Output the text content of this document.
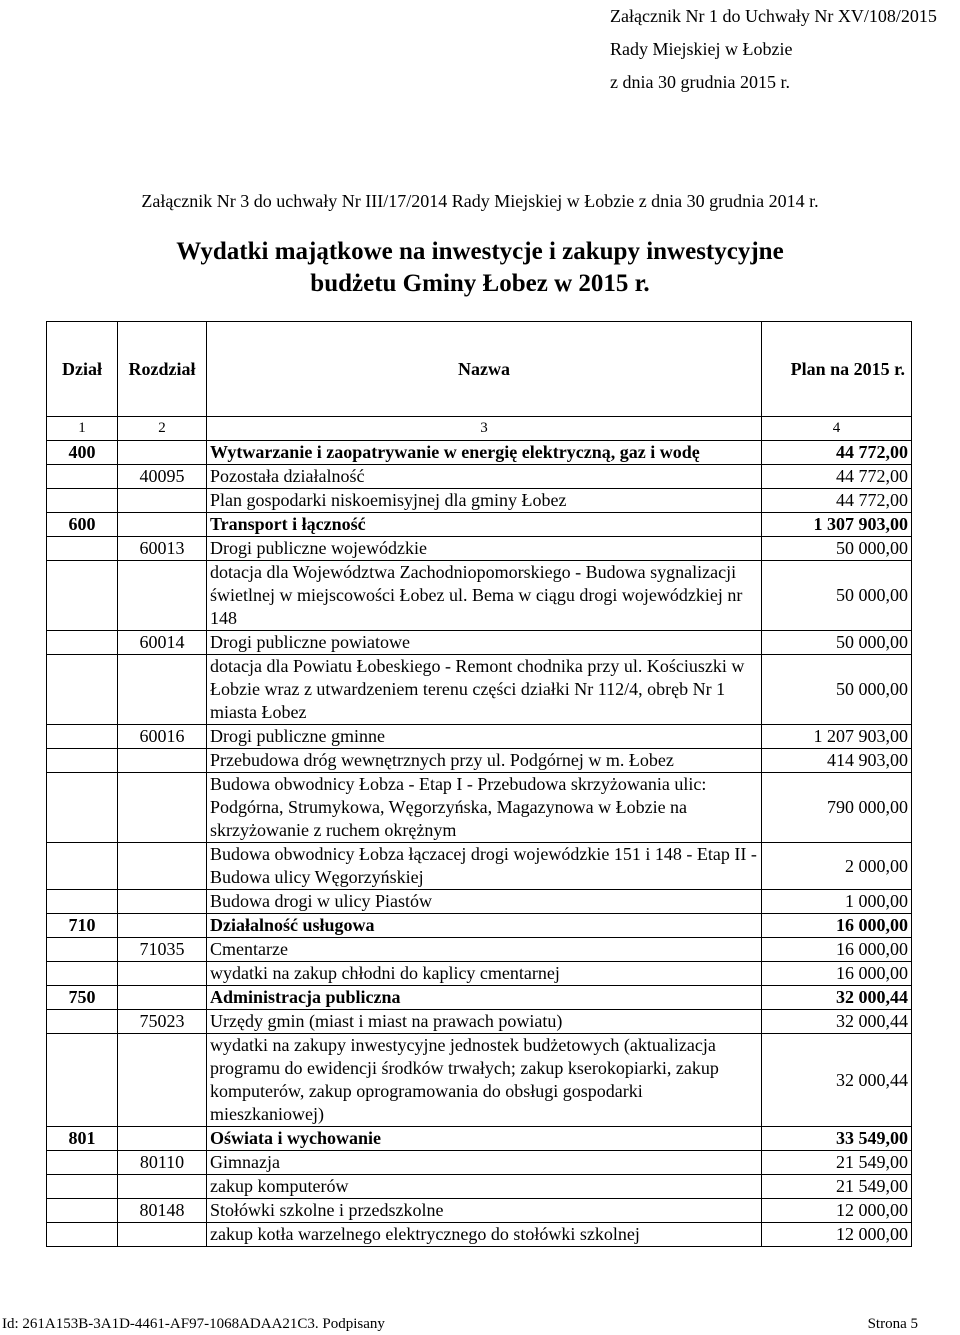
Załącznik Nr 1 do Uchwały Nr XV/108/2015
Rady Miejskiej w Łobzie
z dnia 30 grudnia 2015 r.
Załącznik Nr 3 do uchwały Nr III/17/2014 Rady Miejskiej w Łobzie z dnia 30 grudnia 2014 r.
Wydatki majątkowe na inwestycje i zakupy inwestycyjne
budżetu Gminy Łobez w 2015 r.
Dział	Rozdział	Nazwa	Plan na 2015 r.
1	2	3	4
400		Wytwarzanie i zaopatrywanie w energię elektryczną, gaz i wodę	44 772,00
	40095	Pozostała działalność	44 772,00
		Plan gospodarki niskoemisyjnej dla gminy Łobez	44 772,00
600		Transport i łączność	1 307 903,00
	60013	Drogi publiczne wojewódzkie	50 000,00
		dotacja dla Województwa Zachodniopomorskiego - Budowa sygnalizacji świetlnej w miejscowości Łobez ul. Bema w ciągu drogi wojewódzkiej nr 148	50 000,00
	60014	Drogi publiczne powiatowe	50 000,00
		dotacja dla Powiatu Łobeskiego - Remont chodnika przy ul. Kościuszki w Łobzie wraz z utwardzeniem terenu części działki Nr 112/4, obręb Nr 1 miasta Łobez	50 000,00
	60016	Drogi publiczne gminne	1 207 903,00
		Przebudowa dróg wewnętrznych przy ul. Podgórnej w m. Łobez	414 903,00
		Budowa obwodnicy Łobza - Etap I - Przebudowa skrzyżowania ulic: Podgórna, Strumykowa, Węgorzyńska, Magazynowa w Łobzie na skrzyżowanie z ruchem okrężnym	790 000,00
		Budowa obwodnicy Łobza łączacej drogi wojewódzkie 151 i 148 - Etap II - Budowa ulicy Węgorzyńskiej	2 000,00
		Budowa drogi w ulicy Piastów	1 000,00
710		Działalność usługowa	16 000,00
	71035	Cmentarze	16 000,00
		wydatki na zakup chłodni do kaplicy cmentarnej	16 000,00
750		Administracja publiczna	32 000,44
	75023	Urzędy gmin (miast i miast na prawach powiatu)	32 000,44
		wydatki na zakupy inwestycyjne jednostek budżetowych (aktualizacja programu do ewidencji środków trwałych; zakup kserokopiarki, zakup komputerów, zakup oprogramowania do obsługi gospodarki mieszkaniowej)	32 000,44
801		Oświata i wychowanie	33 549,00
	80110	Gimnazja	21 549,00
		zakup komputerów	21 549,00
	80148	Stołówki szkolne i przedszkolne	12 000,00
		zakup kotła warzelnego elektrycznego do stołówki szkolnej	12 000,00
Id: 261A153B-3A1D-4461-AF97-1068ADAA21C3. Podpisany	Strona 5
